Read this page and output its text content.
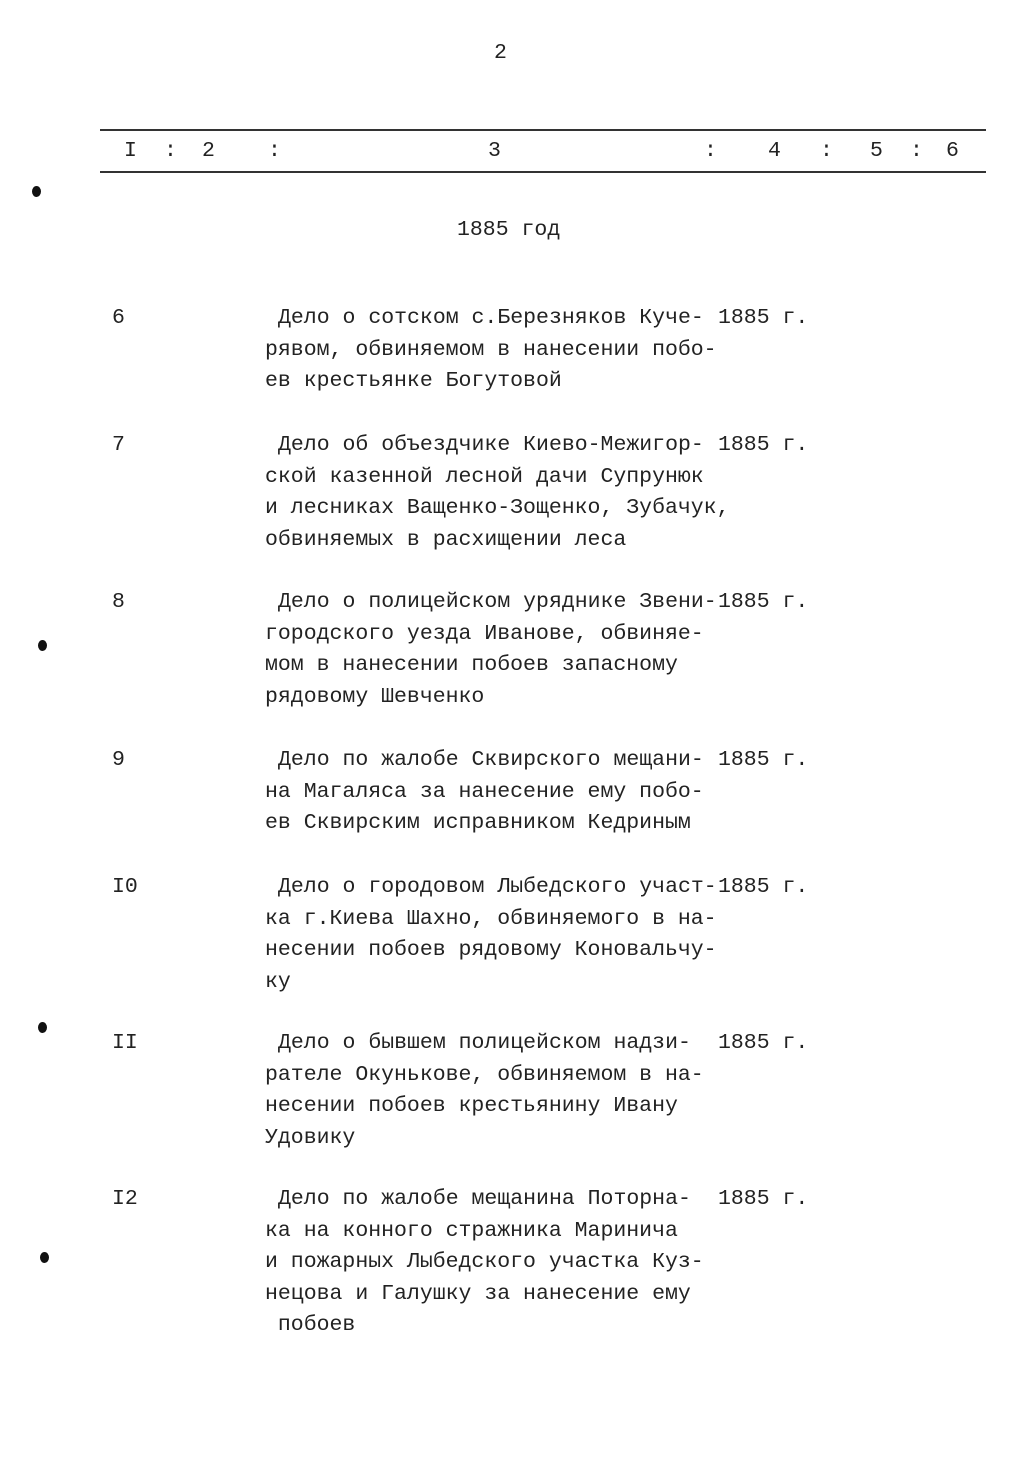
2
I : 2 :	3	: 4 : 5 : 6
1885 год
6	Дело о сотском с.Березняков Куче-
рявом, обвиняемом в нанесении побо-
ев крестьянке Богутовой
1885 г.
7	Дело об объездчике Киево-Межигор-
ской казенной лесной дачи Супрунюк
и лесниках Ващенко-Зощенко, Зубачук,
обвиняемых в расхищении леса
1885 г.
8	Дело о полицейском уряднике Звени-
городского уезда Иванове, обвиняе-
мом в нанесении побоев запасному
рядовому Шевченко
1885 г.
9	Дело по жалобе Сквирского мещани-
на Магаляса за нанесение ему побо-
ев Сквирским исправником Кедриным
1885 г.
I0	Дело о городовом Лыбедского участ-
ка г.Киева Шахно, обвиняемого в на-
несении побоев рядовому Коновальчу-
ку
1885 г.
II	Дело о бывшем полицейском надзи-
рателе Окунькове, обвиняемом в на-
несении побоев крестьянину Ивану
Удовику
1885 г.
I2	Дело по жалобе мещанина Поторна-
ка на конного стражника Маринича
и пожарных Лыбедского участка Куз-
нецова и Галушку за нанесение ему
побоев
1885 г.
